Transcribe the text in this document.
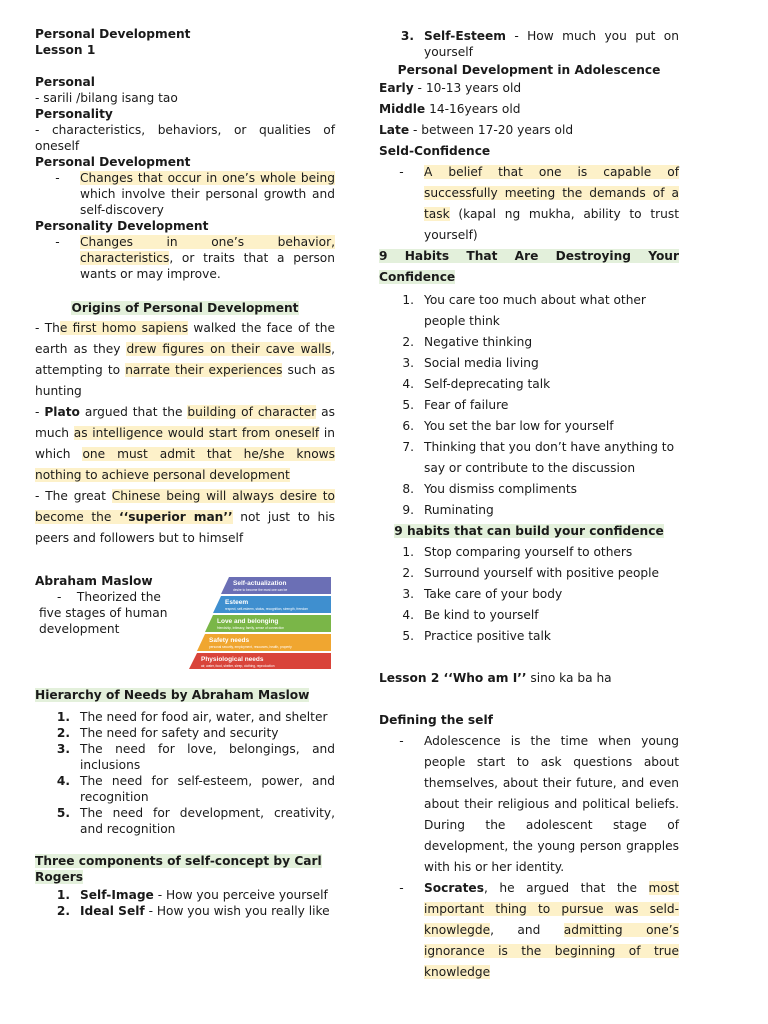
Personal Development
Lesson 1
Personal
- sarili /bilang isang tao
Personality
- characteristics, behaviors, or qualities of oneself
Personal Development
-	Changes that occur in one’s whole being which involve their personal growth and self-discovery
Personality Development
-	Changes in one’s behavior, characteristics, or traits that a person wants or may improve.
Origins of Personal Development
- The first homo sapiens walked the face of the earth as they drew figures on their cave walls, attempting to narrate their experiences such as hunting
- Plato argued that the building of character as much as intelligence would start from oneself in which one must admit that he/she knows nothing to achieve personal development
- The great Chinese being will always desire to become the ‘‘superior man’’ not just to his peers and followers but to himself
Abraham Maslow
- Theorized the
five stages of human development
Hierarchy of Needs by Abraham Maslow
1. The need for food air, water, and shelter
2. The need for safety and security
3. The need for love, belongings, and inclusions
4. The need for self-esteem, power, and recognition
5. The need for development, creativity, and recognition
Three components of self-concept by Carl Rogers
1. Self-Image - How you perceive yourself
2. Ideal Self - How you wish you really like
Self-actualization
desire to become the most one can be
Esteem
respect, self-esteem, status, recognition, strength, freedom
Love and belonging
friendship, intimacy, family, sense of connection
Safety needs
personal security, employment, resources, health, property
Physiological needs
air, water, food, shelter, sleep, clothing, reproduction
3. Self-Esteem - How much you put on yourself
Personal Development in Adolescence
Early - 10-13 years old
Middle 14-16years old
Late - between 17-20 years old
Seld-Confidence
-	A belief that one is capable of successfully meeting the demands of a task (kapal ng mukha, ability to trust yourself)
9 Habits That Are Destroying Your Confidence
1. You care too much about what other people think
2. Negative thinking
3. Social media living
4. Self-deprecating talk
5. Fear of failure
6. You set the bar low for yourself
7. Thinking that you don’t have anything to say or contribute to the discussion
8. You dismiss compliments
9. Ruminating
9 habits that can build your confidence
1. Stop comparing yourself to others
2. Surround yourself with positive people
3. Take care of your body
4. Be kind to yourself
5. Practice positive talk
Lesson 2 ‘‘Who am I’’ sino ka ba ha
Defining the self
-	Adolescence is the time when young people start to ask questions about themselves, about their future, and even about their religious and political beliefs. During the adolescent stage of development, the young person grapples with his or her identity.
-	Socrates, he argued that the most important thing to pursue was seld-knowlegde, and admitting one’s ignorance is the beginning of true knowledge
